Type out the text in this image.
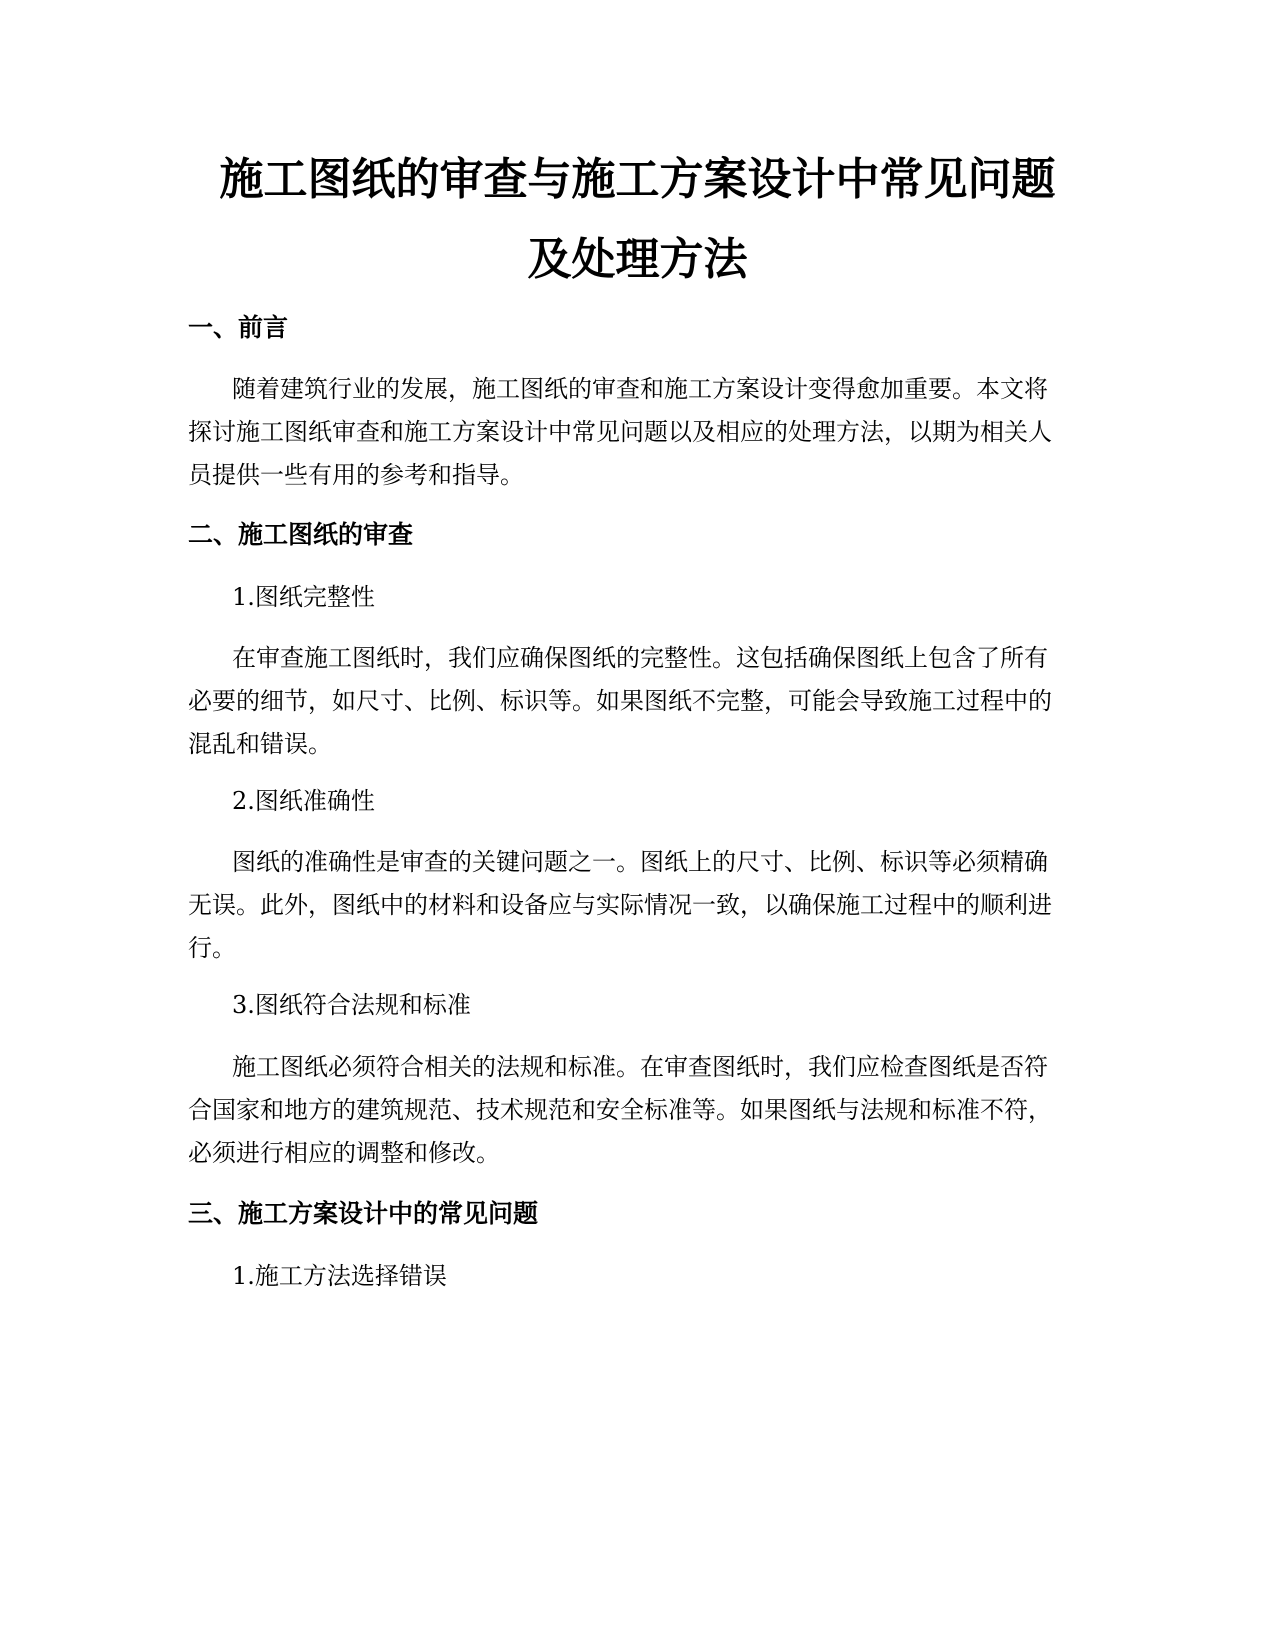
施工图纸的审查与施工方案设计中常见问题
及处理方法
一、前言

随着建筑行业的发展，施工图纸的审查和施工方案设计变得愈加重要。本文将
探讨施工图纸审查和施工方案设计中常见问题以及相应的处理方法，以期为相关人
员提供一些有用的参考和指导。

二、施工图纸的审查

1.图纸完整性

在审查施工图纸时，我们应确保图纸的完整性。这包括确保图纸上包含了所有
必要的细节，如尺寸、比例、标识等。如果图纸不完整，可能会导致施工过程中的
混乱和错误。

2.图纸准确性

图纸的准确性是审查的关键问题之一。图纸上的尺寸、比例、标识等必须精确
无误。此外，图纸中的材料和设备应与实际情况一致，以确保施工过程中的顺利进
行。

3.图纸符合法规和标准

施工图纸必须符合相关的法规和标准。在审查图纸时，我们应检查图纸是否符
合国家和地方的建筑规范、技术规范和安全标准等。如果图纸与法规和标准不符，
必须进行相应的调整和修改。

三、施工方案设计中的常见问题

1.施工方法选择错误
